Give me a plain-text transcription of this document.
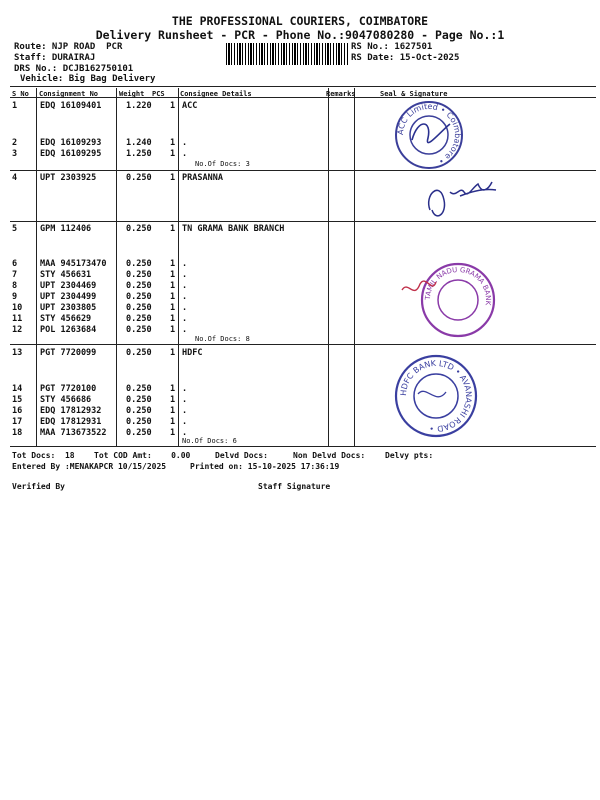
THE PROFESSIONAL COURIERS, COIMBATORE
Delivery Runsheet - PCR - Phone No.:9047080280 - Page No.:1
Route: NJP ROAD  PCR
Staff: DURAIRAJ
DRS No.: DCJB162750101
Vehicle: Big Bag Delivery
RS No.: 1627501
RS Date: 15-Oct-2025
S No Consignment No	Weight PCS Consignee Details	Remarks	Seal & Signature
1	EDQ 16109401	1.220 1 ACC
2	EDQ 16109293	1.240 1 .
3	EDQ 16109295	1.250 1 .
4	UPT 2303925	0.250 1 PRASANNA
5	GPM 112406	0.250 1 TN GRAMA BANK BRANCH
6	MAA 945173470 0.250 1 .
7	STY 456631	0.250 1 .
8	UPT 2304469	0.250 1 .
9	UPT 2304499	0.250 1 .
10 UPT 2303805	0.250 1 .
11 STY 456629	0.250 1 .
12 POL 1263684	0.250 1 .
13 PGT 7720099	0.250 1 HDFC
14 PGT 7720100	0.250 1 .
15 STY 456686	0.250 1 .
16 EDQ 17812932	0.250 1 .
17 EDQ 17812931	0.250 1 .
18 MAA 713673522 0.250 1 .
No.Of Docs: 3
No.Of Docs: 8
No.Of Docs: 6
ACC Limited • Coimbatore •
TAMIL NADU GRAMA BANK
HDFC BANK LTD • AVANASHI ROAD •
Tot Docs:  18 Tot COD Amt:    0.00	Delvd Docs:	Non Delvd Docs: Delvy pts:
Entered By :MENAKAPCR 10/15/2025	Printed on: 15-10-2025 17:36:19
Verified By	Staff Signature
